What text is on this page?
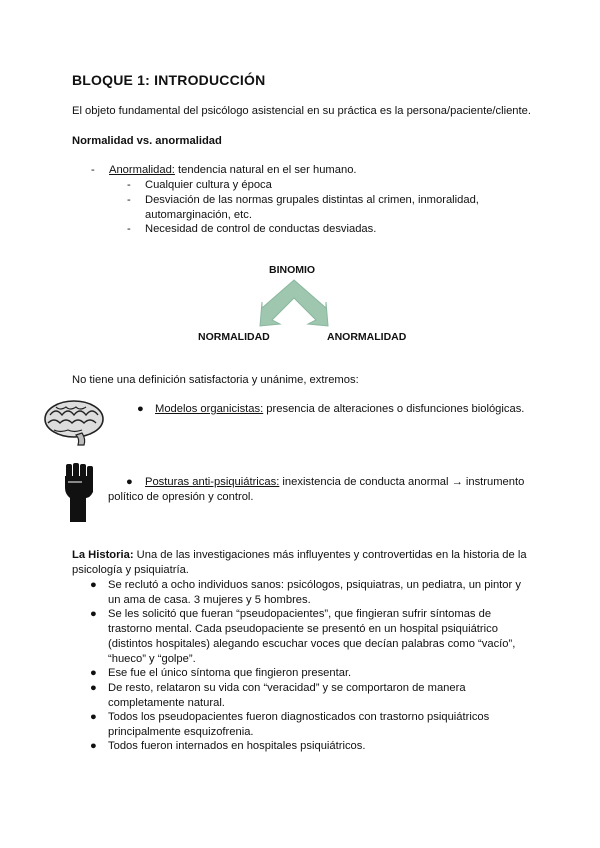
BLOQUE 1: INTRODUCCIÓN
El objeto fundamental del psicólogo asistencial en su práctica es la persona/paciente/cliente.
Normalidad vs. anormalidad
- Anormalidad: tendencia natural en el ser humano.
- Cualquier cultura y época
- Desviación de las normas grupales distintas al crimen, inmoralidad,
automarginación, etc.
- Necesidad de control de conductas desviadas.
BINOMIO
NORMALIDAD	ANORMALIDAD
No tiene una definición satisfactoria y unánime, extremos:
● Modelos organicistas: presencia de alteraciones o disfunciones biológicas.
● Posturas anti-psiquiátricas: inexistencia de conducta anormal → instrumento
político de opresión y control.
La Historia: Una de las investigaciones más influyentes y controvertidas en la historia de la
psicología y psiquiatría.
● Se reclutó a ocho individuos sanos: psicólogos, psiquiatras, un pediatra, un pintor y
un ama de casa. 3 mujeres y 5 hombres.
● Se les solicitó que fueran “pseudopacientes”, que fingieran sufrir síntomas de
trastorno mental. Cada pseudopaciente se presentó en un hospital psiquiátrico
(distintos hospitales) alegando escuchar voces que decían palabras como “vacío”,
“hueco” y “golpe”.
● Ese fue el único síntoma que fingieron presentar.
● De resto, relataron su vida con “veracidad” y se comportaron de manera
completamente natural.
● Todos los pseudopacientes fueron diagnosticados con trastorno psiquiátricos
principalmente esquizofrenia.
● Todos fueron internados en hospitales psiquiátricos.
